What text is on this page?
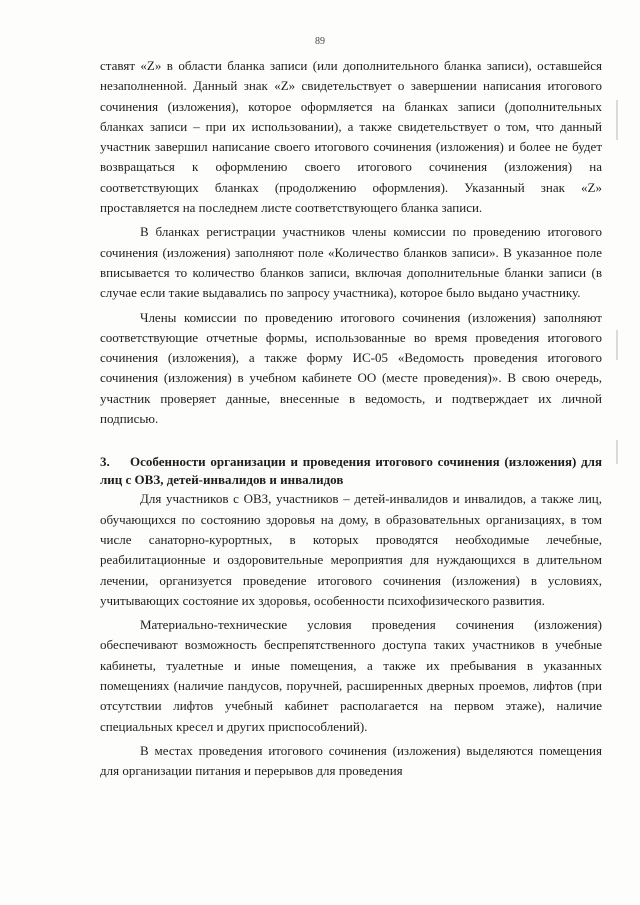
89

ставят «Z» в области бланка записи (или дополнительного бланка записи), оставшейся незаполненной. Данный знак «Z» свидетельствует о завершении написания итогового сочинения (изложения), которое оформляется на бланках записи (дополнительных бланках записи – при их использовании), а также свидетельствует о том, что данный участник завершил написание своего итогового сочинения (изложения) и более не будет возвращаться к оформлению своего итогового сочинения (изложения) на соответствующих бланках (продолжению оформления). Указанный знак «Z» проставляется на последнем листе соответствующего бланка записи.

В бланках регистрации участников члены комиссии по проведению итогового сочинения (изложения) заполняют поле «Количество бланков записи». В указанное поле вписывается то количество бланков записи, включая дополнительные бланки записи (в случае если такие выдавались по запросу участника), которое было выдано участнику.

Члены комиссии по проведению итогового сочинения (изложения) заполняют соответствующие отчетные формы, использованные во время проведения итогового сочинения (изложения), а также форму ИС-05 «Ведомость проведения итогового сочинения (изложения) в учебном кабинете ОО (месте проведения)». В свою очередь, участник проверяет данные, внесенные в ведомость, и подтверждает их личной подписью.

3. Особенности организации и проведения итогового сочинения (изложения) для лиц с ОВЗ, детей-инвалидов и инвалидов

Для участников с ОВЗ, участников – детей-инвалидов и инвалидов, а также лиц, обучающихся по состоянию здоровья на дому, в образовательных организациях, в том числе санаторно-курортных, в которых проводятся необходимые лечебные, реабилитационные и оздоровительные мероприятия для нуждающихся в длительном лечении, организуется проведение итогового сочинения (изложения) в условиях, учитывающих состояние их здоровья, особенности психофизического развития.

Материально-технические условия проведения сочинения (изложения) обеспечивают возможность беспрепятственного доступа таких участников в учебные кабинеты, туалетные и иные помещения, а также их пребывания в указанных помещениях (наличие пандусов, поручней, расширенных дверных проемов, лифтов (при отсутствии лифтов учебный кабинет располагается на первом этаже), наличие специальных кресел и других приспособлений).

В местах проведения итогового сочинения (изложения) выделяются помещения для организации питания и перерывов для проведения
